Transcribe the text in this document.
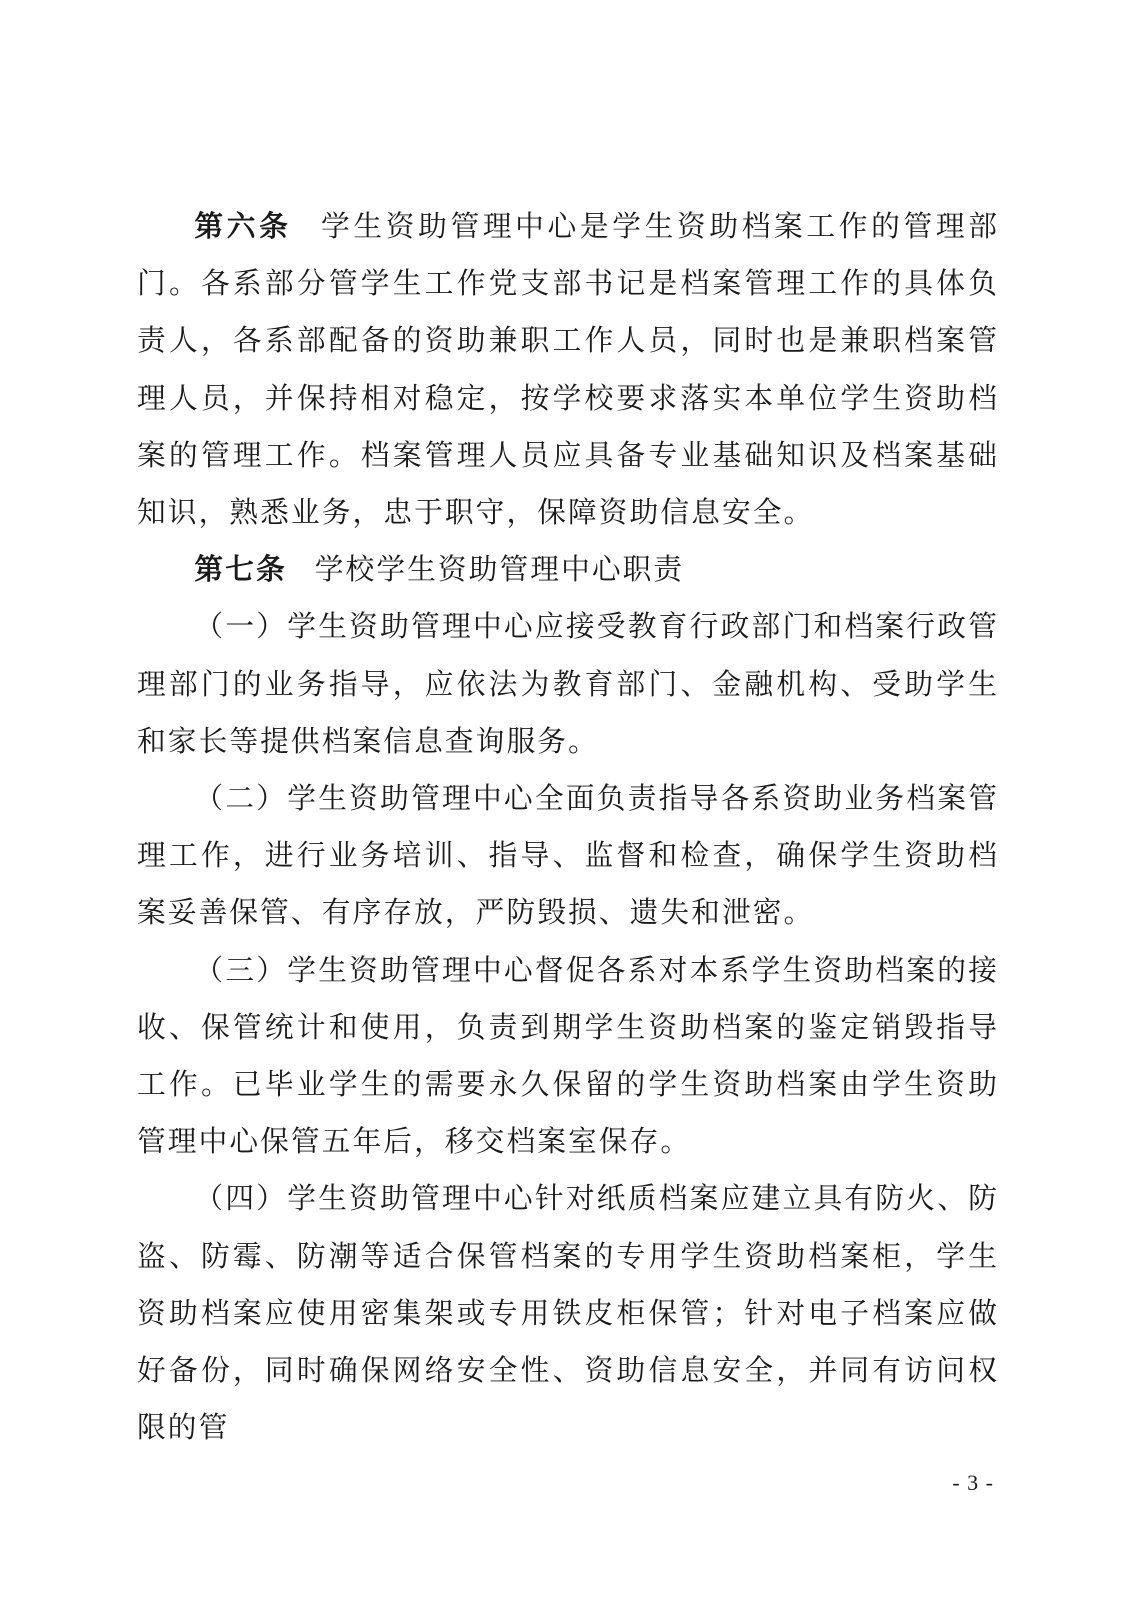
第六条 学生资助管理中心是学生资助档案工作的管理部门。各系部分管学生工作党支部书记是档案管理工作的具体负责人，各系部配备的资助兼职工作人员，同时也是兼职档案管理人员，并保持相对稳定，按学校要求落实本单位学生资助档案的管理工作。档案管理人员应具备专业基础知识及档案基础知识，熟悉业务，忠于职守，保障资助信息安全。

第七条 学校学生资助管理中心职责

（一）学生资助管理中心应接受教育行政部门和档案行政管理部门的业务指导，应依法为教育部门、金融机构、受助学生和家长等提供档案信息查询服务。

（二）学生资助管理中心全面负责指导各系资助业务档案管理工作，进行业务培训、指导、监督和检查，确保学生资助档案妥善保管、有序存放，严防毁损、遗失和泄密。

（三）学生资助管理中心督促各系对本系学生资助档案的接收、保管统计和使用，负责到期学生资助档案的鉴定销毁指导工作。已毕业学生的需要永久保留的学生资助档案由学生资助管理中心保管五年后，移交档案室保存。

（四）学生资助管理中心针对纸质档案应建立具有防火、防盗、防霉、防潮等适合保管档案的专用学生资助档案柜，学生资助档案应使用密集架或专用铁皮柜保管；针对电子档案应做好备份，同时确保网络安全性、资助信息安全，并同有访问权限的管

- 3 -
